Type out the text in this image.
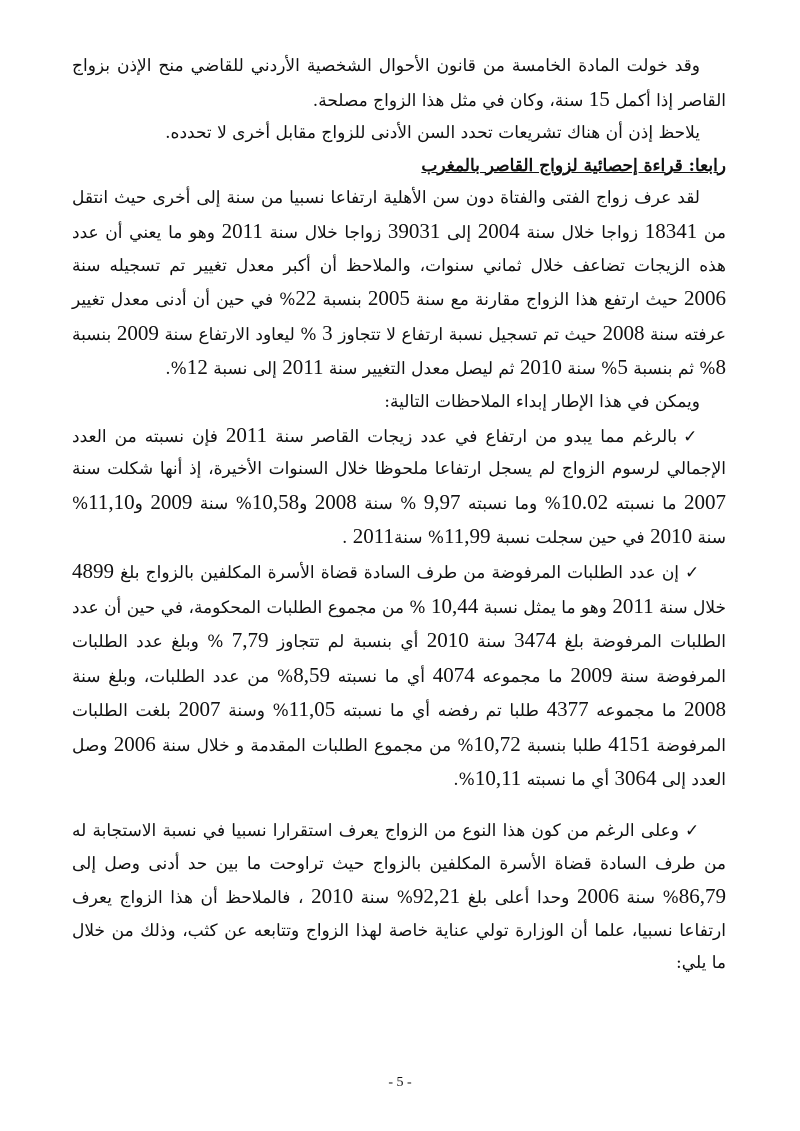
وقد خولت المادة الخامسة من قانون الأحوال الشخصية الأردني للقاضي منح الإذن بزواج القاصر إذا أكمل 15 سنة، وكان في مثل هذا الزواج مصلحة.

يلاحظ إذن أن هناك تشريعات تحدد السن الأدنى للزواج مقابل أخرى لا تحدده.

رابعا: قراءة إحصائية لزواج القاصر بالمغرب

لقد عرف زواج الفتى والفتاة دون سن الأهلية ارتفاعا نسبيا من سنة إلى أخرى حيث انتقل من 18341 زواجا خلال سنة 2004 إلى 39031 زواجا خلال سنة 2011 وهو ما يعني أن عدد هذه الزيجات تضاعف خلال ثماني سنوات، والملاحظ أن أكبر معدل تغيير تم تسجيله سنة 2006 حيث ارتفع هذا الزواج مقارنة مع سنة 2005 بنسبة 22% في حين أن أدنى معدل تغيير عرفته سنة 2008 حيث تم تسجيل نسبة ارتفاع لا تتجاوز 3 % ليعاود الارتفاع سنة 2009 بنسبة 8% ثم بنسبة 5% سنة 2010 ثم ليصل معدل التغيير سنة 2011 إلى نسبة 12%.

ويمكن في هذا الإطار إبداء الملاحظات التالية:

✓بالرغم مما يبدو من ارتفاع في عدد زيجات القاصر سنة 2011 فإن نسبته من العدد الإجمالي لرسوم الزواج لم يسجل ارتفاعا ملحوظا خلال السنوات الأخيرة، إذ أنها شكلت سنة 2007 ما نسبته 10.02% وما نسبته 9,97 % سنة 2008 و10,58% سنة 2009 و11,10% سنة 2010 في حين سجلت نسبة 11,99% سنة2011 .

✓إن عدد الطلبات المرفوضة من طرف السادة قضاة الأسرة المكلفين بالزواج بلغ 4899 خلال سنة 2011 وهو ما يمثل نسبة 10,44 % من مجموع الطلبات المحكومة، في حين أن عدد الطلبات المرفوضة بلغ 3474 سنة 2010 أي بنسبة لم تتجاوز 7,79 % وبلغ عدد الطلبات المرفوضة سنة 2009 ما مجموعه 4074 أي ما نسبته 8,59% من عدد الطلبات، وبلغ سنة 2008 ما مجموعه 4377 طلبا تم رفضه أي ما نسبته 11,05% وسنة 2007 بلغت الطلبات المرفوضة 4151 طلبا بنسبة 10,72% من مجموع الطلبات المقدمة و خلال سنة 2006 وصل العدد إلى 3064 أي ما نسبته 10,11%.

✓وعلى الرغم من كون هذا النوع من الزواج يعرف استقرارا نسبيا في نسبة الاستجابة له من طرف السادة قضاة الأسرة المكلفين بالزواج حيث تراوحت ما بين حد أدنى وصل إلى 86,79% سنة 2006 وحدا أعلى بلغ 92,21% سنة 2010 ، فالملاحظ أن هذا الزواج يعرف ارتفاعا نسبيا، علما أن الوزارة تولي عناية خاصة لهذا الزواج وتتابعه عن كثب، وذلك من خلال ما يلي:

- 5 -
